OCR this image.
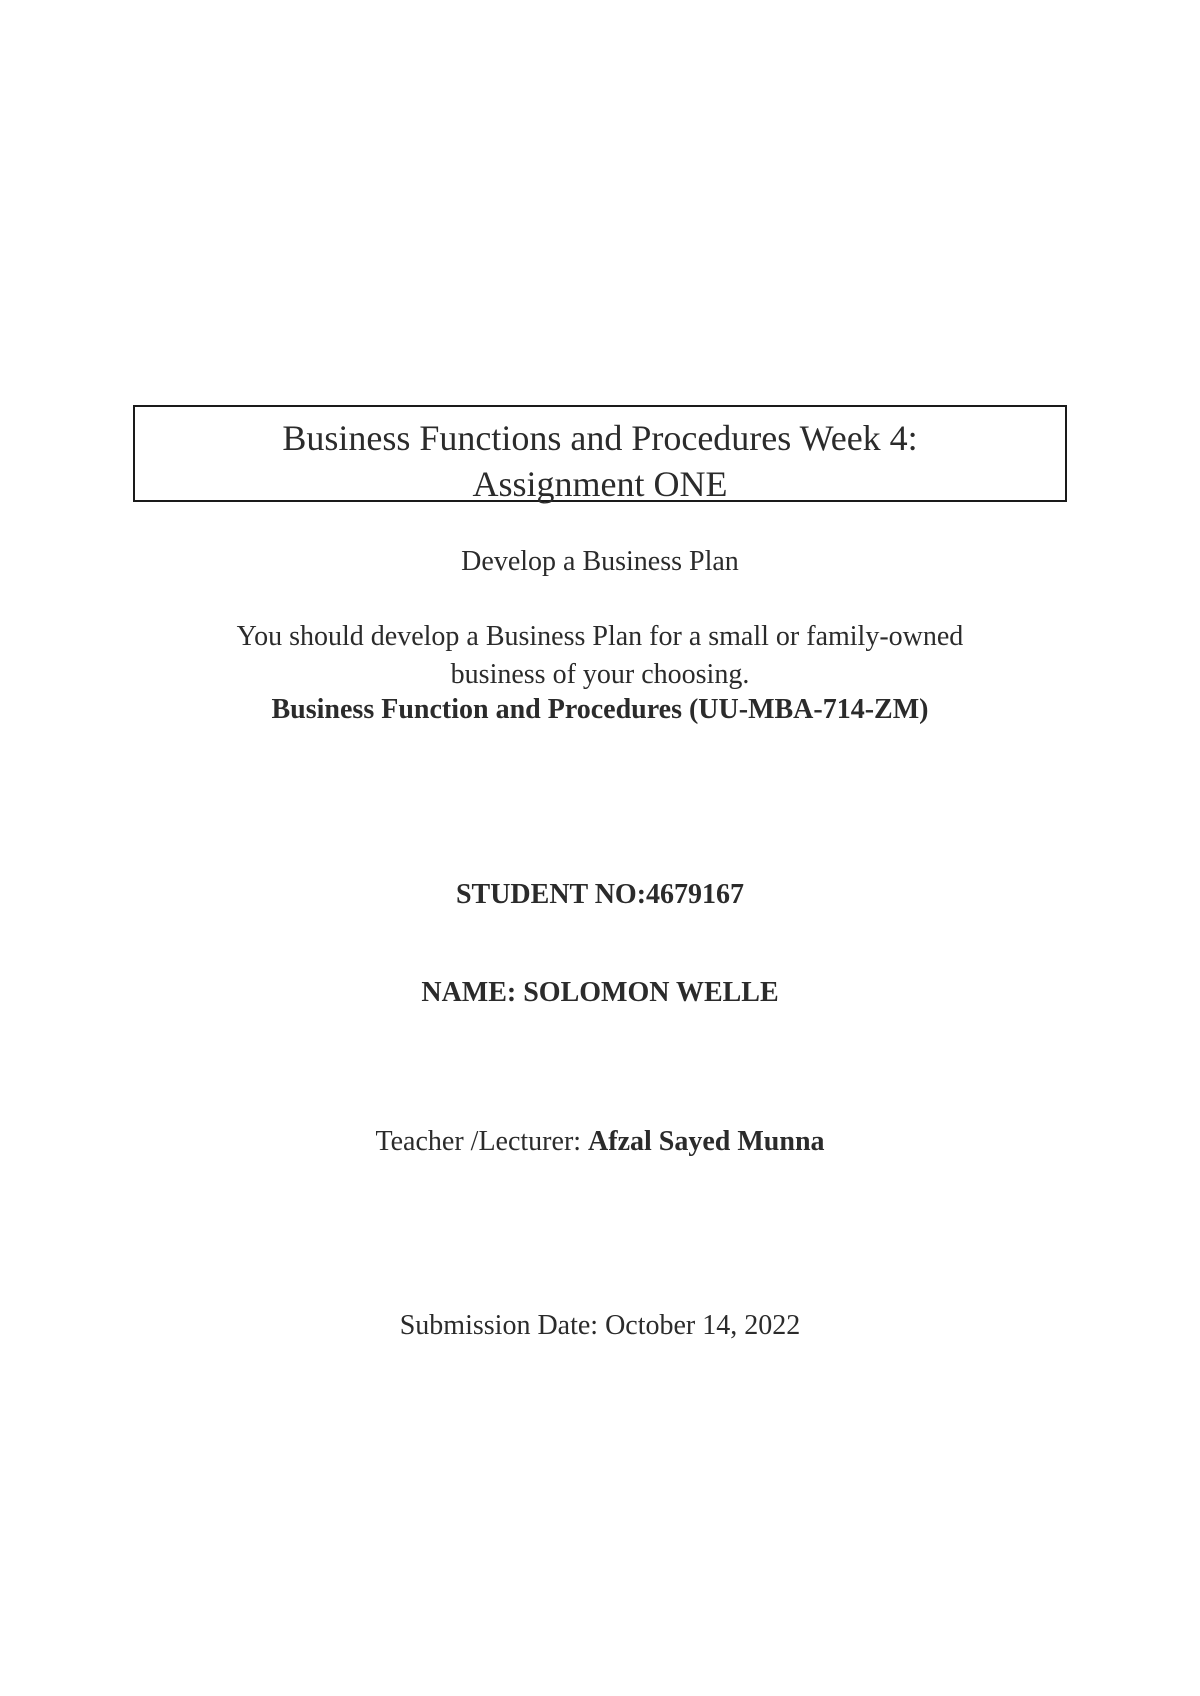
Business Functions and Procedures Week 4:
Assignment ONE
Develop a Business Plan
You should develop a Business Plan for a small or family-owned
business of your choosing.
Business Function and Procedures (UU-MBA-714-ZM)
STUDENT NO:4679167
NAME: SOLOMON WELLE
Teacher /Lecturer: Afzal Sayed Munna
Submission Date: October 14, 2022
